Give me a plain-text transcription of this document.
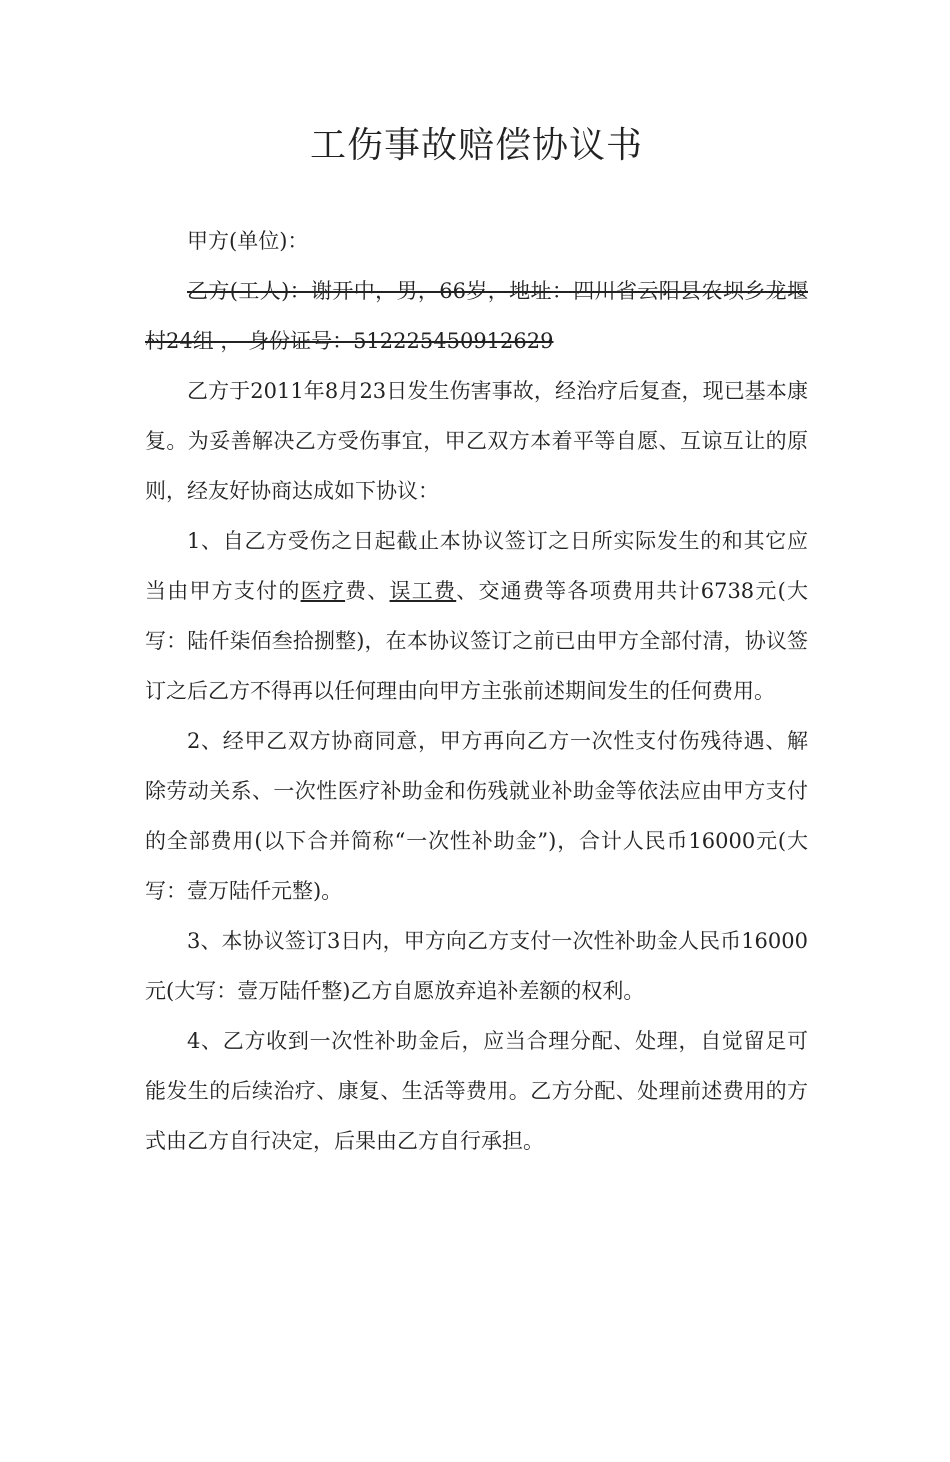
工伤事故赔偿协议书

甲方(单位)：

乙方(工人)：谢开中，男，66岁，地址：四川省云阳县农坝乡龙堰村24组 ， 身份证号：512225450912629

乙方于2011年8月23日发生伤害事故，经治疗后复查，现已基本康复。为妥善解决乙方受伤事宜，甲乙双方本着平等自愿、互谅互让的原则，经友好协商达成如下协议：

1、自乙方受伤之日起截止本协议签订之日所实际发生的和其它应当由甲方支付的医疗费、误工费、交通费等各项费用共计6738元(大写：陆仟柒佰叁拾捌整)，在本协议签订之前已由甲方全部付清，协议签订之后乙方不得再以任何理由向甲方主张前述期间发生的任何费用。

2、经甲乙双方协商同意，甲方再向乙方一次性支付伤残待遇、解除劳动关系、一次性医疗补助金和伤残就业补助金等依法应由甲方支付的全部费用(以下合并简称“一次性补助金”)，合计人民币16000元(大写：壹万陆仟元整)。

3、本协议签订3日内，甲方向乙方支付一次性补助金人民币16000元(大写：壹万陆仟整)乙方自愿放弃追补差额的权利。

4、乙方收到一次性补助金后，应当合理分配、处理，自觉留足可能发生的后续治疗、康复、生活等费用。乙方分配、处理前述费用的方式由乙方自行决定，后果由乙方自行承担。
